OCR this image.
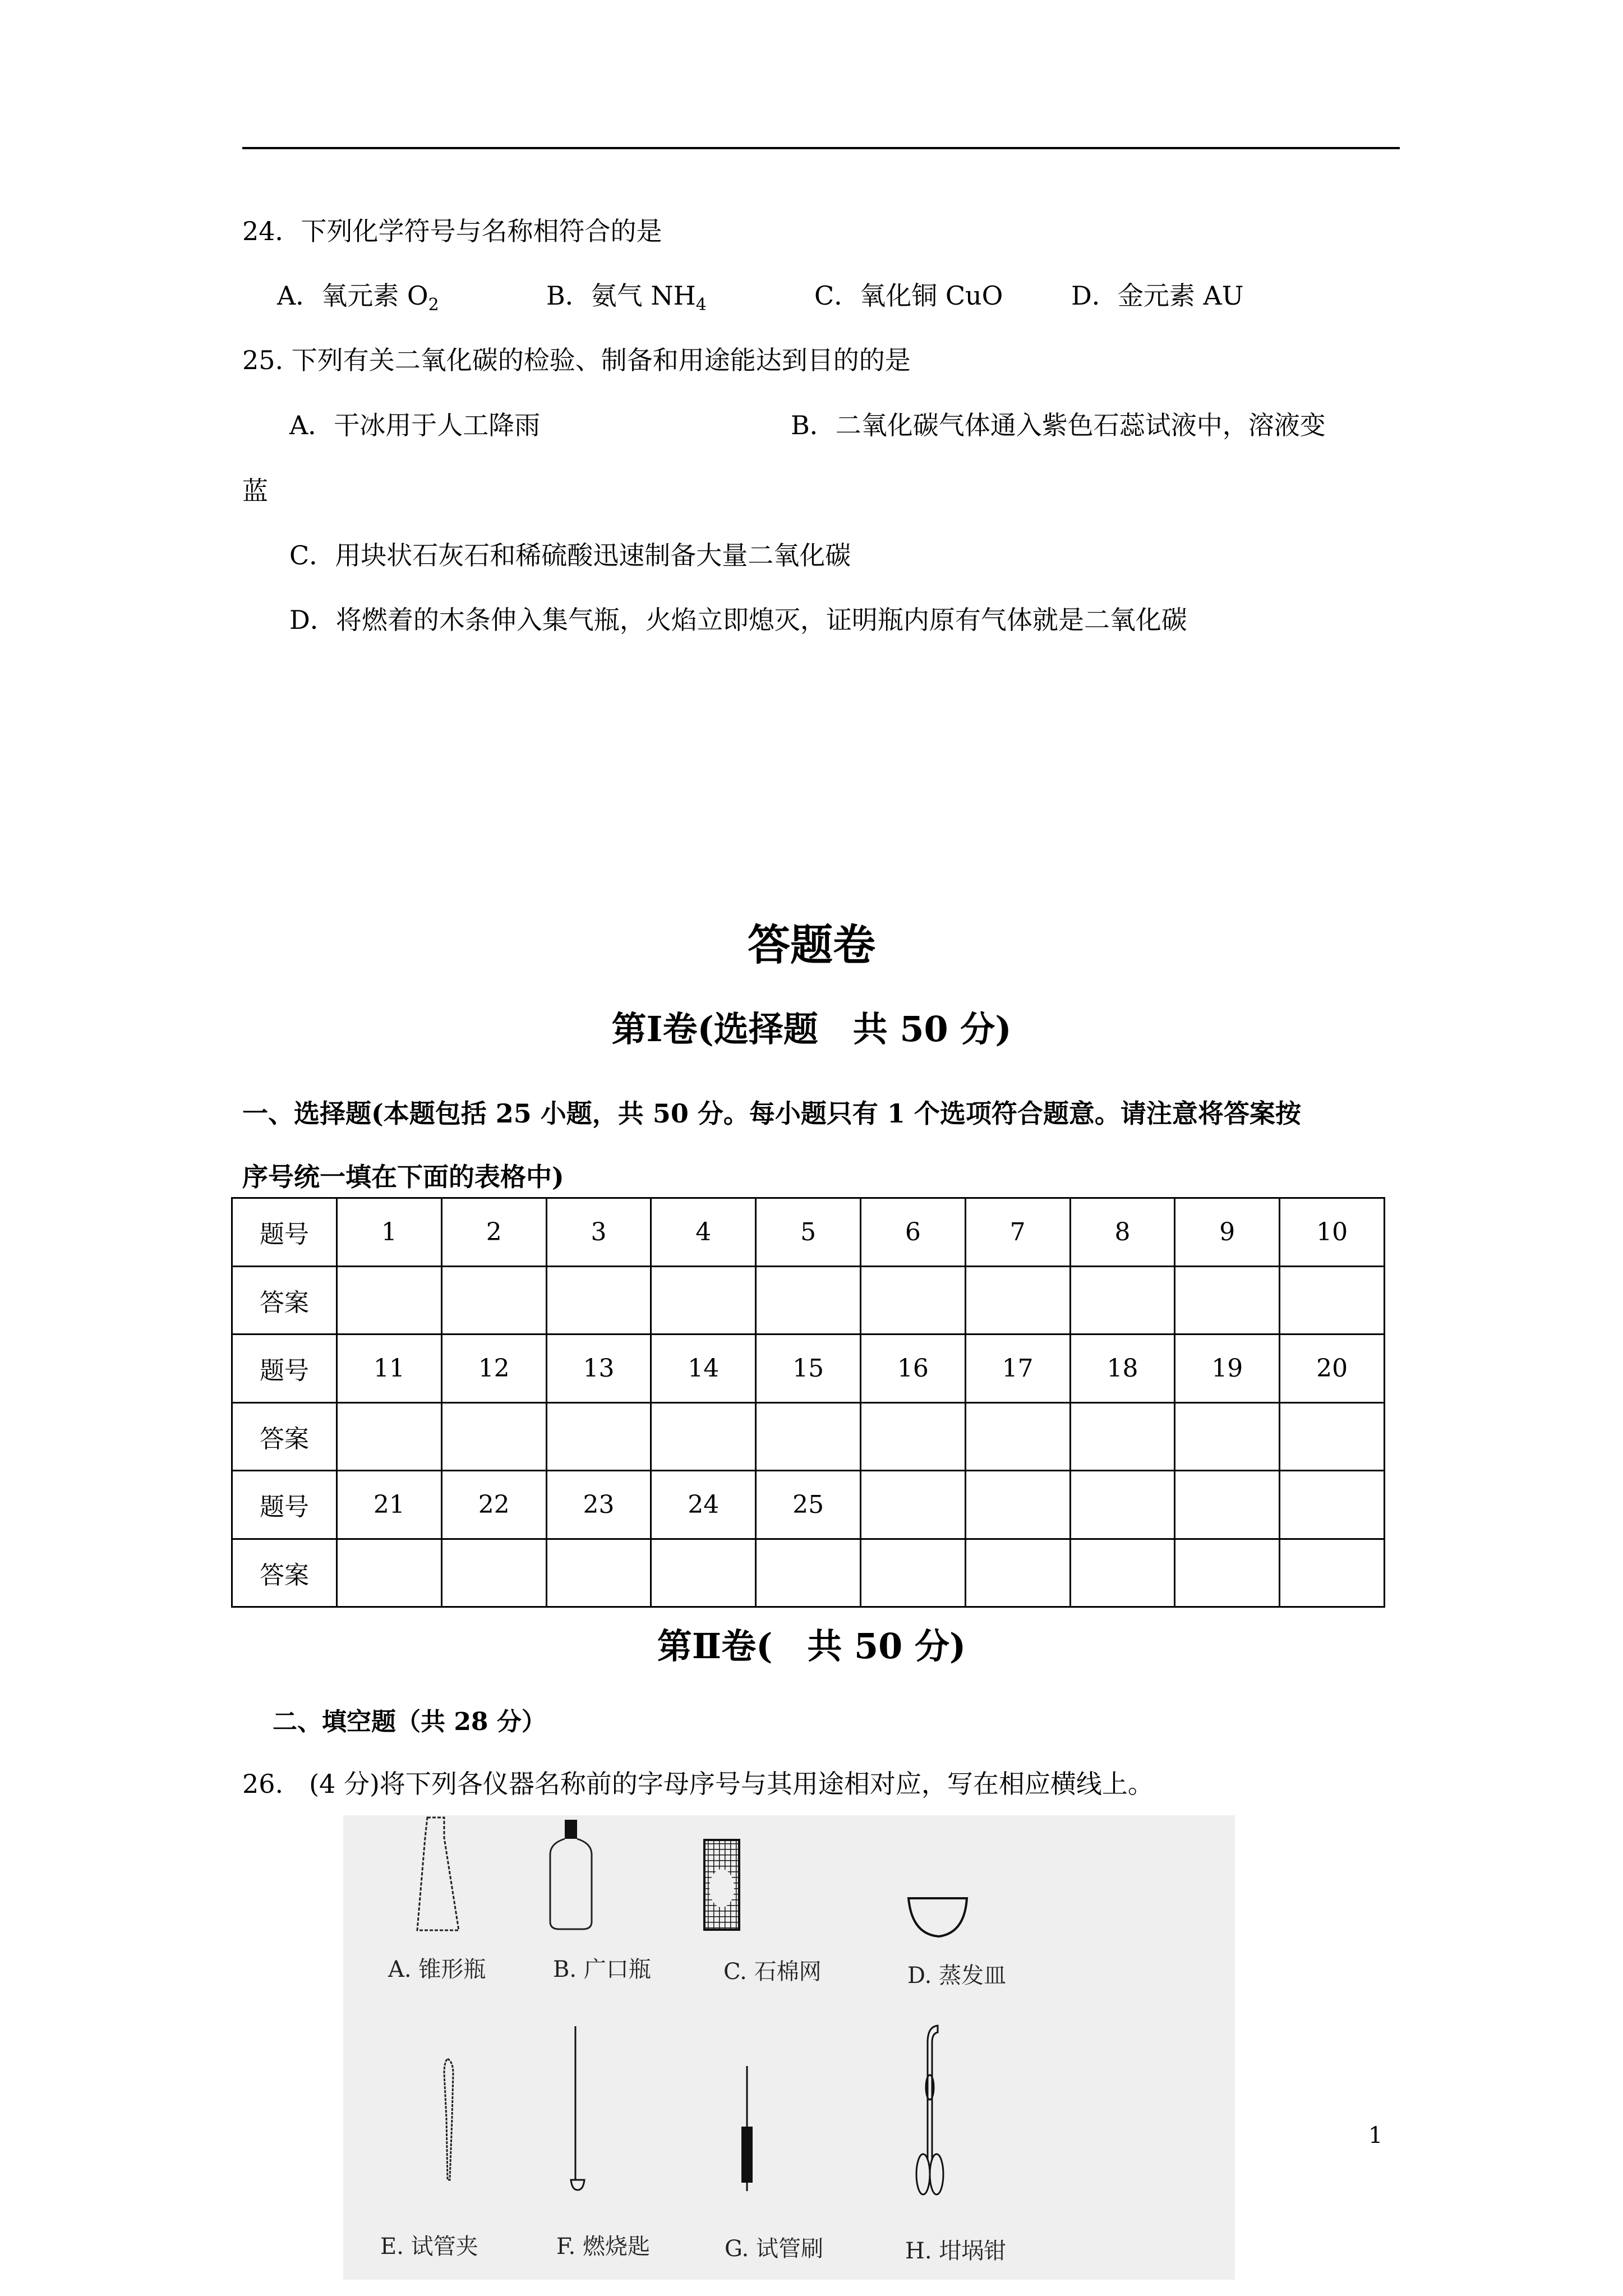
24．下列化学符号与名称相符合的是
A．氧元素 $O_2$	B．氨气 $NH_4$	C．氧化铜 CuO	D．金元素 AU
25. 下列有关二氧化碳的检验、制备和用途能达到目的的是
A．干冰用于人工降雨	B．二氧化碳气体通入紫色石蕊试液中，溶液变
蓝
C．用块状石灰石和稀硫酸迅速制备大量二氧化碳
D．将燃着的木条伸入集气瓶，火焰立即熄灭，证明瓶内原有气体就是二氧化碳
答题卷
第Ⅰ卷(选择题　共 50 分)
一、选择题(本题包括 25 小题，共 50 分。每小题只有 1 个选项符合题意。请注意将答案按
序号统一填在下面的表格中)
题号	1	2	3	4	5	6	7	8	9	10
答案										
题号	11	12	13	14	15	16	17	18	19	20
答案										
题号	21	22	23	24	25					
答案										
第Ⅱ卷(　共 50 分)
二、填空题（共 28 分）
26.　(4 分)将下列各仪器名称前的字母序号与其用途相对应，写在相应横线上。
A. 锥形瓶	B. 广口瓶	C. 石棉网	D. 蒸发皿
E. 试管夹	F. 燃烧匙	G. 试管刷	H. 坩埚钳
1
